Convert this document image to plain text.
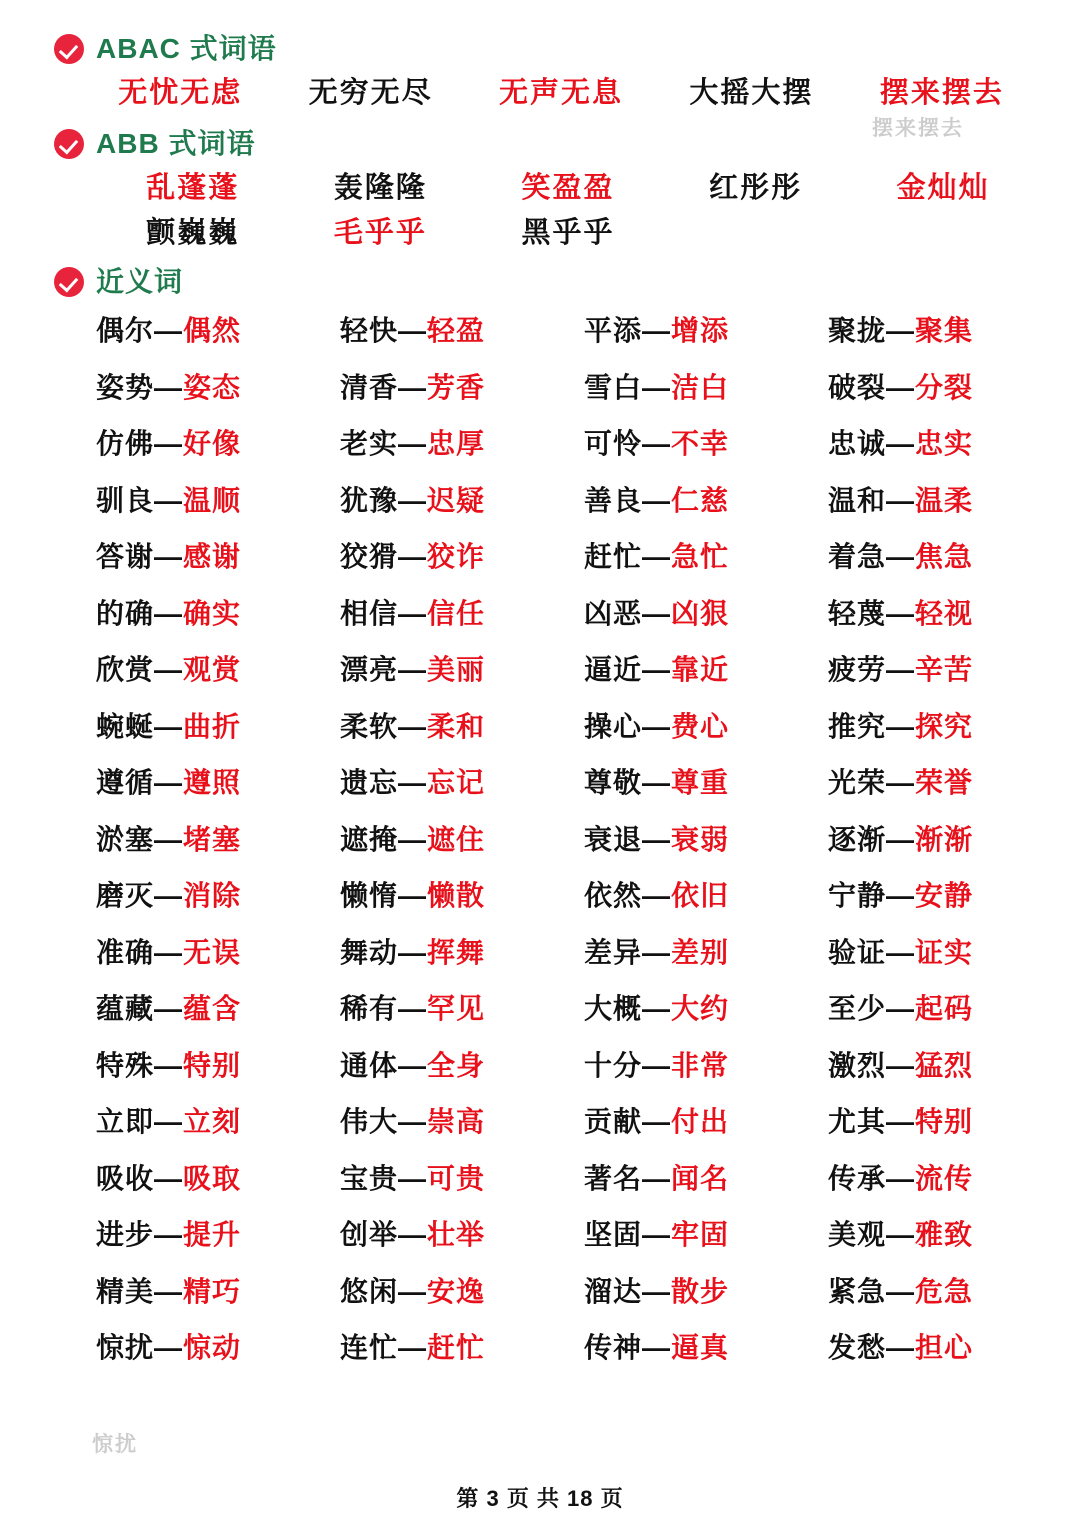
ABAC 式词语
无忧无虑	无穷无尽	无声无息	大摇大摆	摆来摆去
ABB 式词语
乱蓬蓬	轰隆隆	笑盈盈	红彤彤	金灿灿
颤巍巍	毛乎乎	黑乎乎
近义词
偶尔—偶然	轻快—轻盈	平添—增添	聚拢—聚集
姿势—姿态	清香—芳香	雪白—洁白	破裂—分裂
仿佛—好像	老实—忠厚	可怜—不幸	忠诚—忠实
驯良—温顺	犹豫—迟疑	善良—仁慈	温和—温柔
答谢—感谢	狡猾—狡诈	赶忙—急忙	着急—焦急
的确—确实	相信—信任	凶恶—凶狠	轻蔑—轻视
欣赏—观赏	漂亮—美丽	逼近—靠近	疲劳—辛苦
蜿蜒—曲折	柔软—柔和	操心—费心	推究—探究
遵循—遵照	遗忘—忘记	尊敬—尊重	光荣—荣誉
淤塞—堵塞	遮掩—遮住	衰退—衰弱	逐渐—渐渐
磨灭—消除	懒惰—懒散	依然—依旧	宁静—安静
准确—无误	舞动—挥舞	差异—差别	验证—证实
蕴藏—蕴含	稀有—罕见	大概—大约	至少—起码
特殊—特别	通体—全身	十分—非常	激烈—猛烈
立即—立刻	伟大—崇高	贡献—付出	尤其—特别
吸收—吸取	宝贵—可贵	著名—闻名	传承—流传
进步—提升	创举—壮举	坚固—牢固	美观—雅致
精美—精巧	悠闲—安逸	溜达—散步	紧急—危急
惊扰—惊动	连忙—赶忙	传神—逼真	发愁—担心
第 3 页 共 18 页
摆来摆去
惊扰
